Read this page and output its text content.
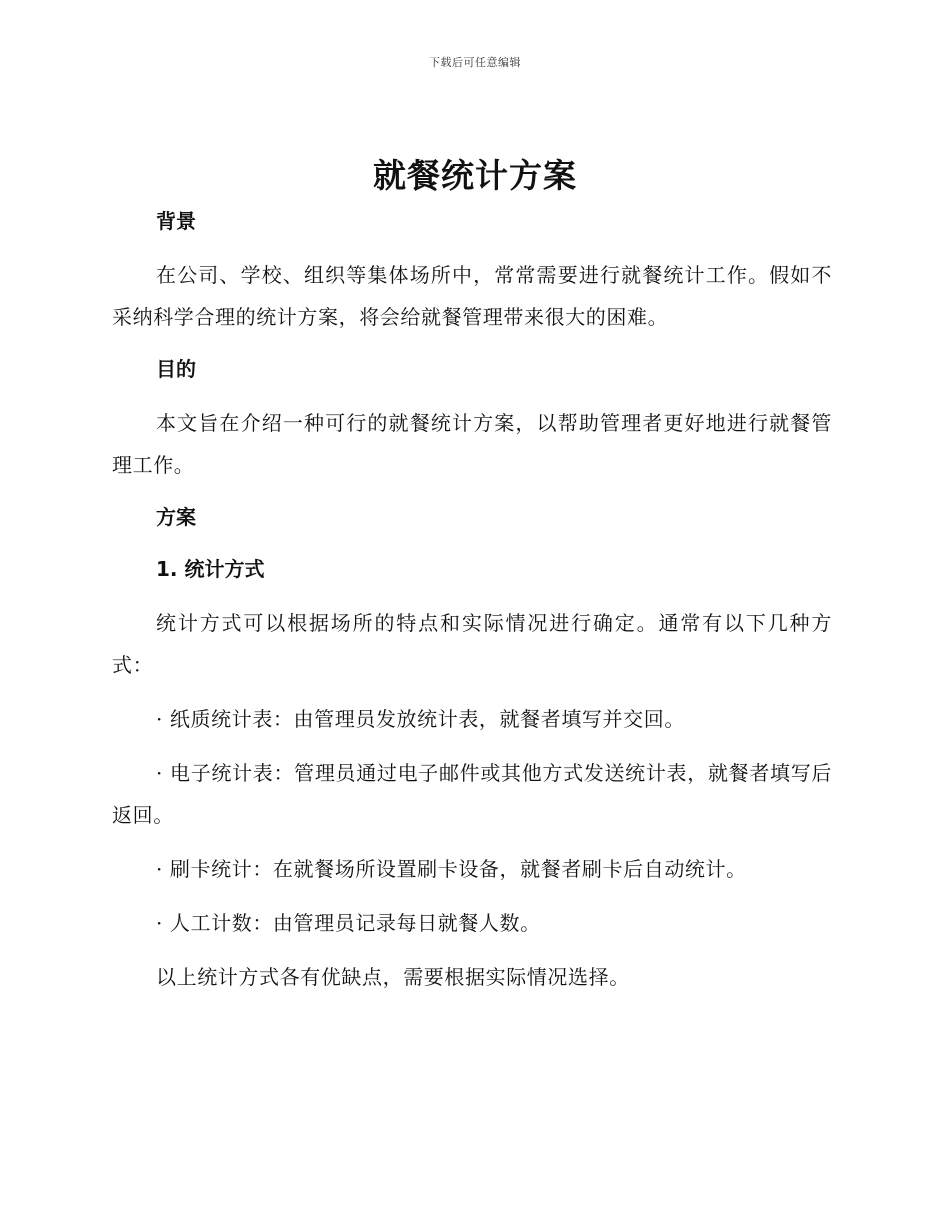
下载后可任意编辑
就餐统计方案
背景

在公司、学校、组织等集体场所中，常常需要进行就餐统计工作。假如不采纳科学合理的统计方案，将会给就餐管理带来很大的困难。

目的

本文旨在介绍一种可行的就餐统计方案，以帮助管理者更好地进行就餐管理工作。

方案
1. 统计方式

统计方式可以根据场所的特点和实际情况进行确定。通常有以下几种方式：

· 纸质统计表：由管理员发放统计表，就餐者填写并交回。

· 电子统计表：管理员通过电子邮件或其他方式发送统计表，就餐者填写后返回。

· 刷卡统计：在就餐场所设置刷卡设备，就餐者刷卡后自动统计。

· 人工计数：由管理员记录每日就餐人数。

以上统计方式各有优缺点，需要根据实际情况选择。
